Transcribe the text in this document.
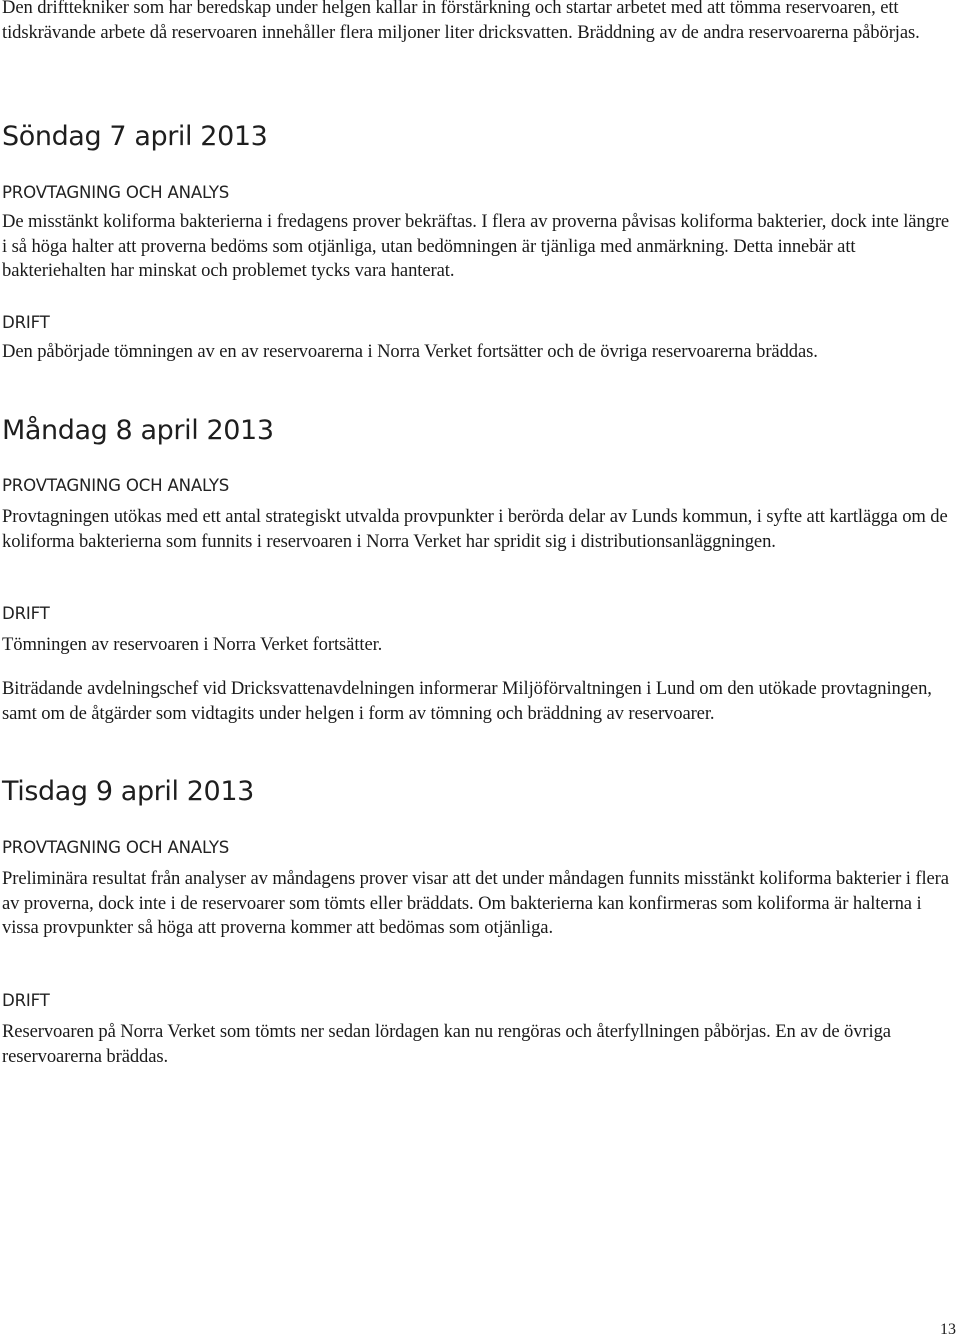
Den drifttekniker som har beredskap under helgen kallar in förstärkning och startar arbetet med att tömma reservoaren, ett tidskrävande arbete då reservoaren innehåller flera miljoner liter dricksvatten. Bräddning av de andra reservoarerna påbörjas.

Söndag 7 april 2013
PROVTAGNING OCH ANALYS

De misstänkt koliforma bakterierna i fredagens prover bekräftas. I flera av proverna påvisas koliforma bakterier, dock inte längre i så höga halter att proverna bedöms som otjänliga, utan bedömningen är tjänliga med anmärkning. Detta innebär att bakteriehalten har minskat och problemet tycks vara hanterat.

DRIFT

Den påbörjade tömningen av en av reservoarerna i Norra Verket fortsätter och de övriga reservoarerna bräddas.

Måndag 8 april 2013
PROVTAGNING OCH ANALYS

Provtagningen utökas med ett antal strategiskt utvalda provpunkter i berörda delar av Lunds kommun, i syfte att kartlägga om de koliforma bakterierna som funnits i reservoaren i Norra Verket har spridit sig i distributionsanläggningen.

DRIFT

Tömningen av reservoaren i Norra Verket fortsätter.

Biträdande avdelningschef vid Dricksvattenavdelningen informerar Miljöförvaltningen i Lund om den utökade provtagningen, samt om de åtgärder som vidtagits under helgen i form av tömning och bräddning av reservoarer.

Tisdag 9 april 2013
PROVTAGNING OCH ANALYS

Preliminära resultat från analyser av måndagens prover visar att det under måndagen funnits misstänkt koliforma bakterier i flera av proverna, dock inte i de reservoarer som tömts eller bräddats. Om bakterierna kan konfirmeras som koliforma är halterna i vissa provpunkter så höga att proverna kommer att bedömas som otjänliga.

DRIFT

Reservoaren på Norra Verket som tömts ner sedan lördagen kan nu rengöras och återfyllningen påbörjas. En av de övriga reservoarerna bräddas.

13
